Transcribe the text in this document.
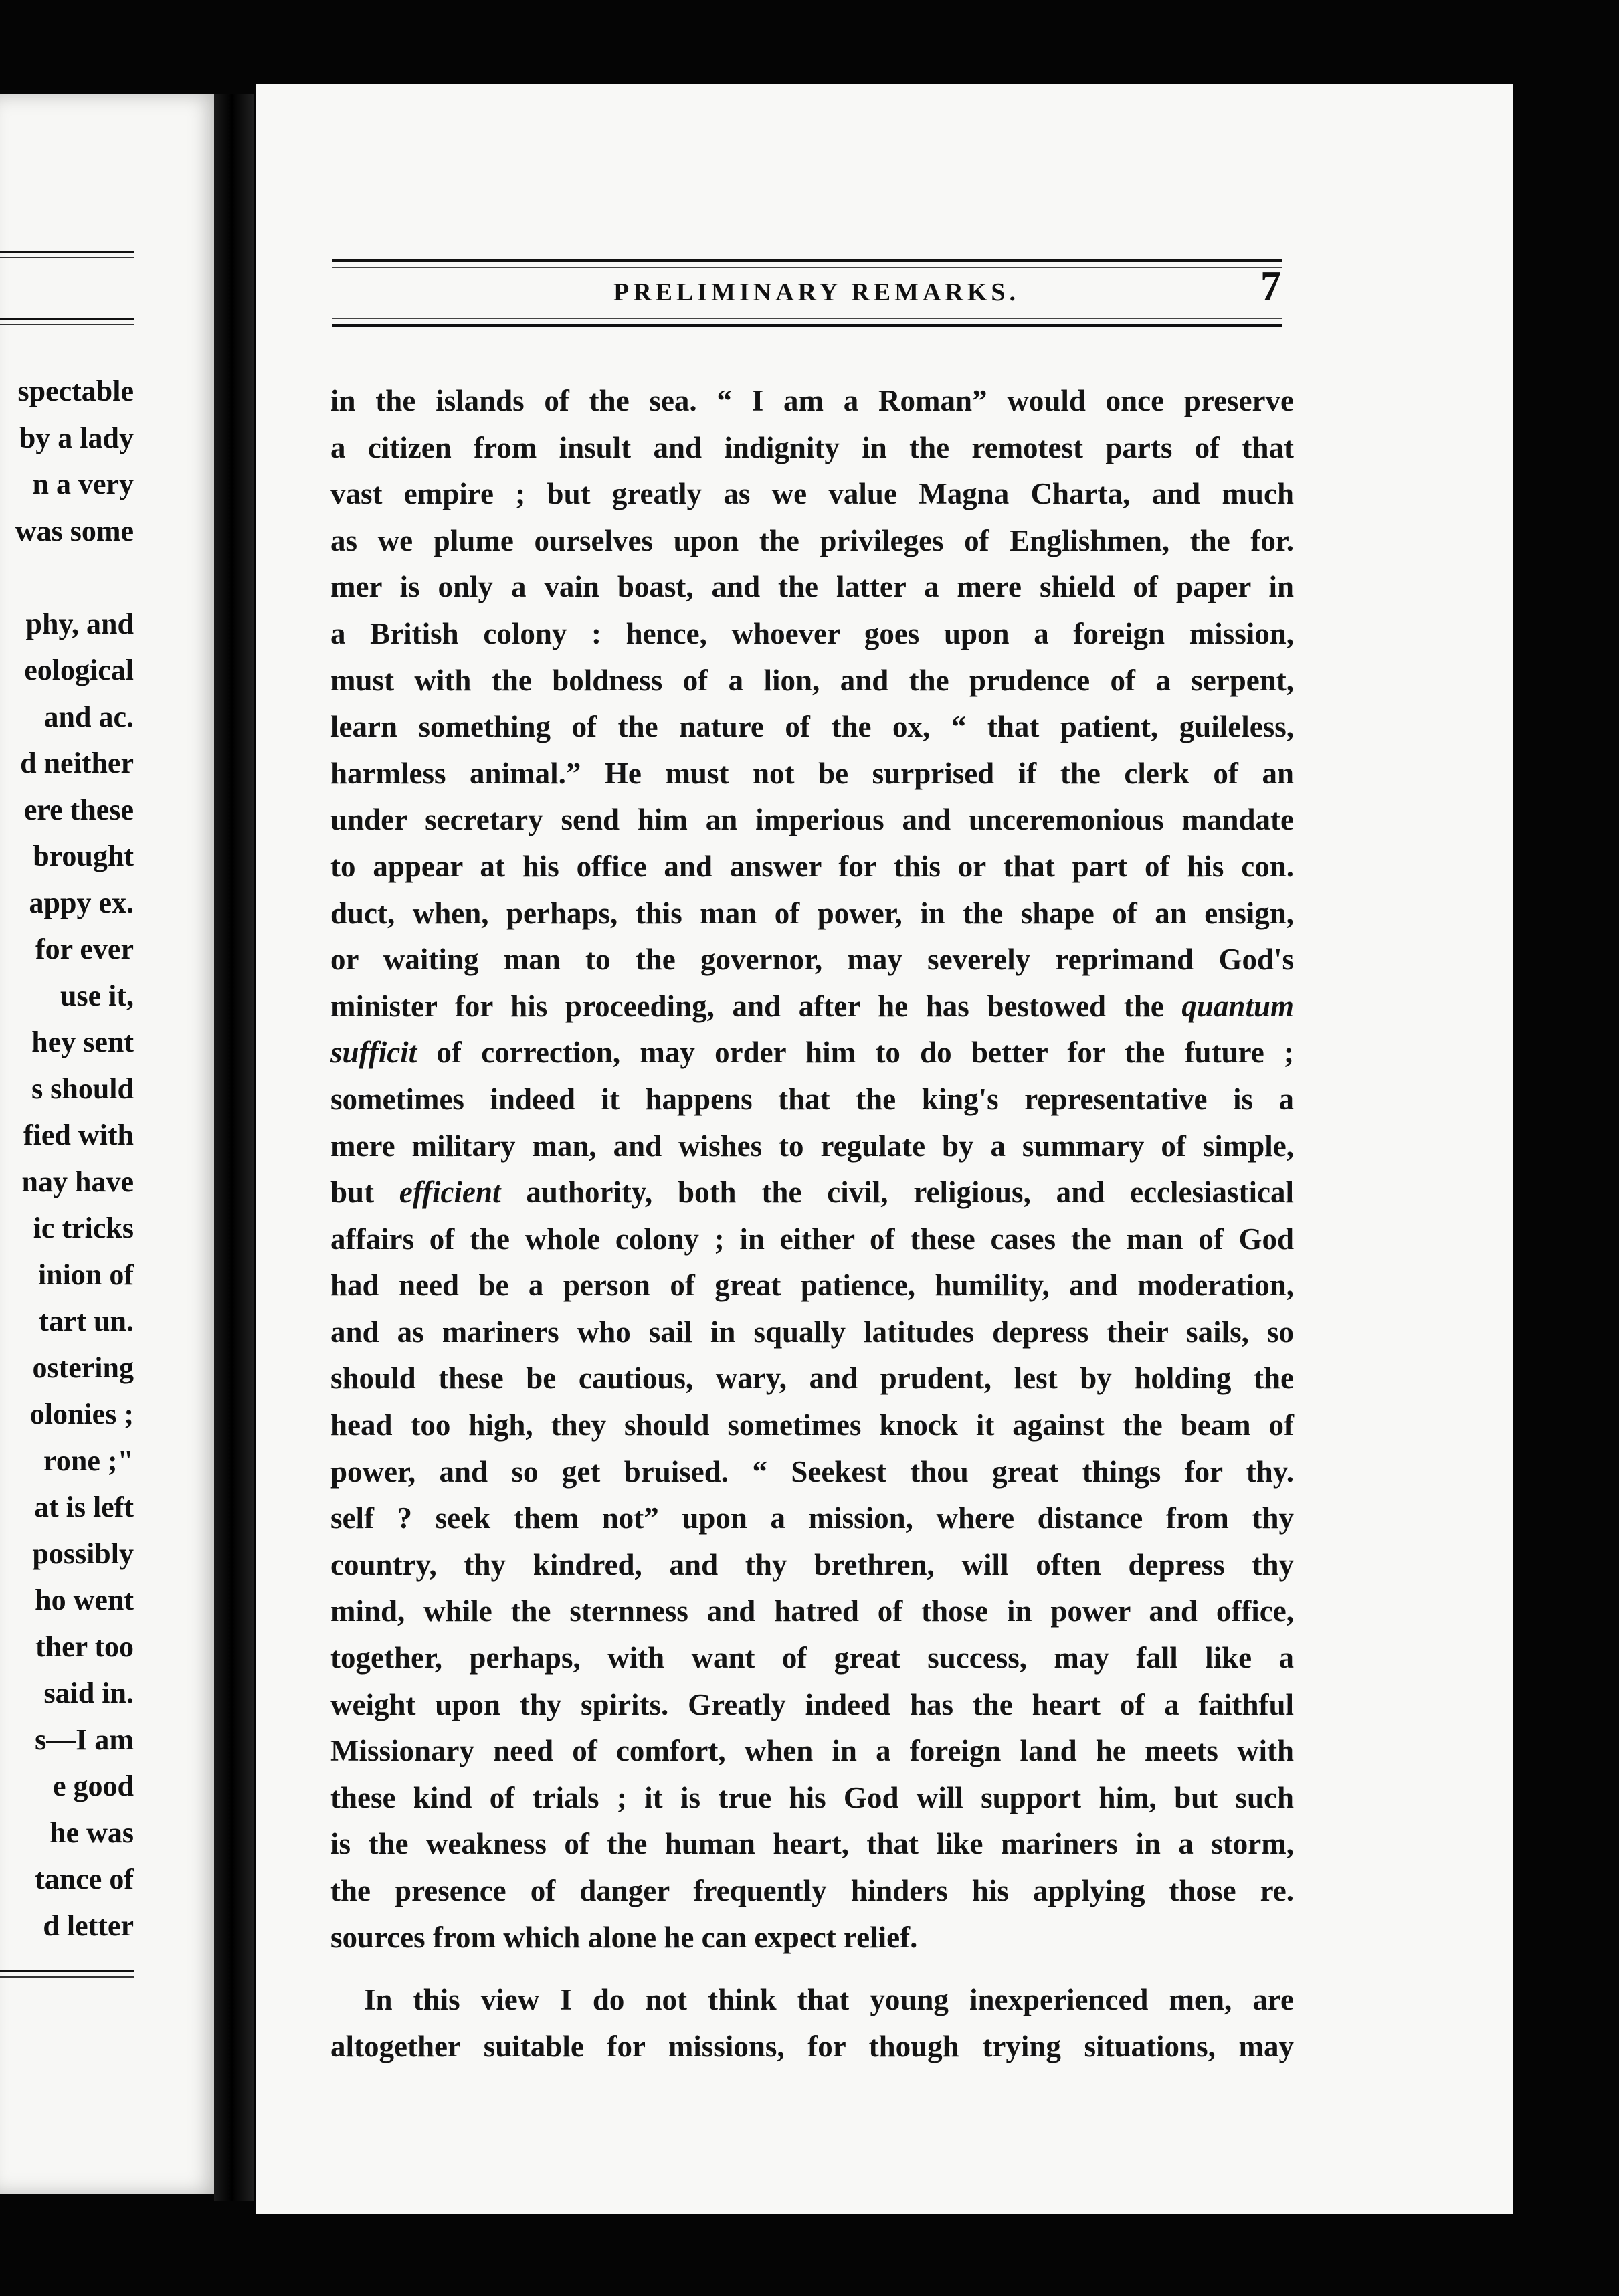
spectable
by a lady
n a very
was some

phy, and
eological
and ac.
d neither
ere these
brought
appy ex.
for ever
use it,
hey sent
s should
fied with
nay have
ic tricks
inion of
tart un.
ostering
olonies ;
rone ;"
at is left
possibly
ho went
ther too
said in.
s—I am
e good
he was
tance of
d letter
PRELIMINARY REMARKS.	7
in the islands of the sea. “ I am a Roman” would once preserve
a citizen from insult and indignity in the remotest parts of that
vast empire ; but greatly as we value Magna Charta, and much
as we plume ourselves upon the privileges of Englishmen, the for.
mer is only a vain boast, and the latter a mere shield of paper in
a British colony : hence, whoever goes upon a foreign mission,
must with the boldness of a lion, and the prudence of a serpent,
learn something of the nature of the ox, “ that patient, guileless,
harmless animal.” He must not be surprised if the clerk of an
under secretary send him an imperious and unceremonious mandate
to appear at his office and answer for this or that part of his con.
duct, when, perhaps, this man of power, in the shape of an ensign,
or waiting man to the governor, may severely reprimand God's
minister for his proceeding, and after he has bestowed the quantum
sufficit of correction, may order him to do better for the future ;
sometimes indeed it happens that the king's representative is a
mere military man, and wishes to regulate by a summary of simple,
but efficient authority, both the civil, religious, and ecclesiastical
affairs of the whole colony ; in either of these cases the man of God
had need be a person of great patience, humility, and moderation,
and as mariners who sail in squally latitudes depress their sails, so
should these be cautious, wary, and prudent, lest by holding the
head too high, they should sometimes knock it against the beam of
power, and so get bruised. “ Seekest thou great things for thy.
self ? seek them not” upon a mission, where distance from thy
country, thy kindred, and thy brethren, will often depress thy
mind, while the sternness and hatred of those in power and office,
together, perhaps, with want of great success, may fall like a
weight upon thy spirits. Greatly indeed has the heart of a faithful
Missionary need of comfort, when in a foreign land he meets with
these kind of trials ; it is true his God will support him, but such
is the weakness of the human heart, that like mariners in a storm,
the presence of danger frequently hinders his applying those re.
sources from which alone he can expect relief.
In this view I do not think that young inexperienced men, are
altogether suitable for missions, for though trying situations, may
